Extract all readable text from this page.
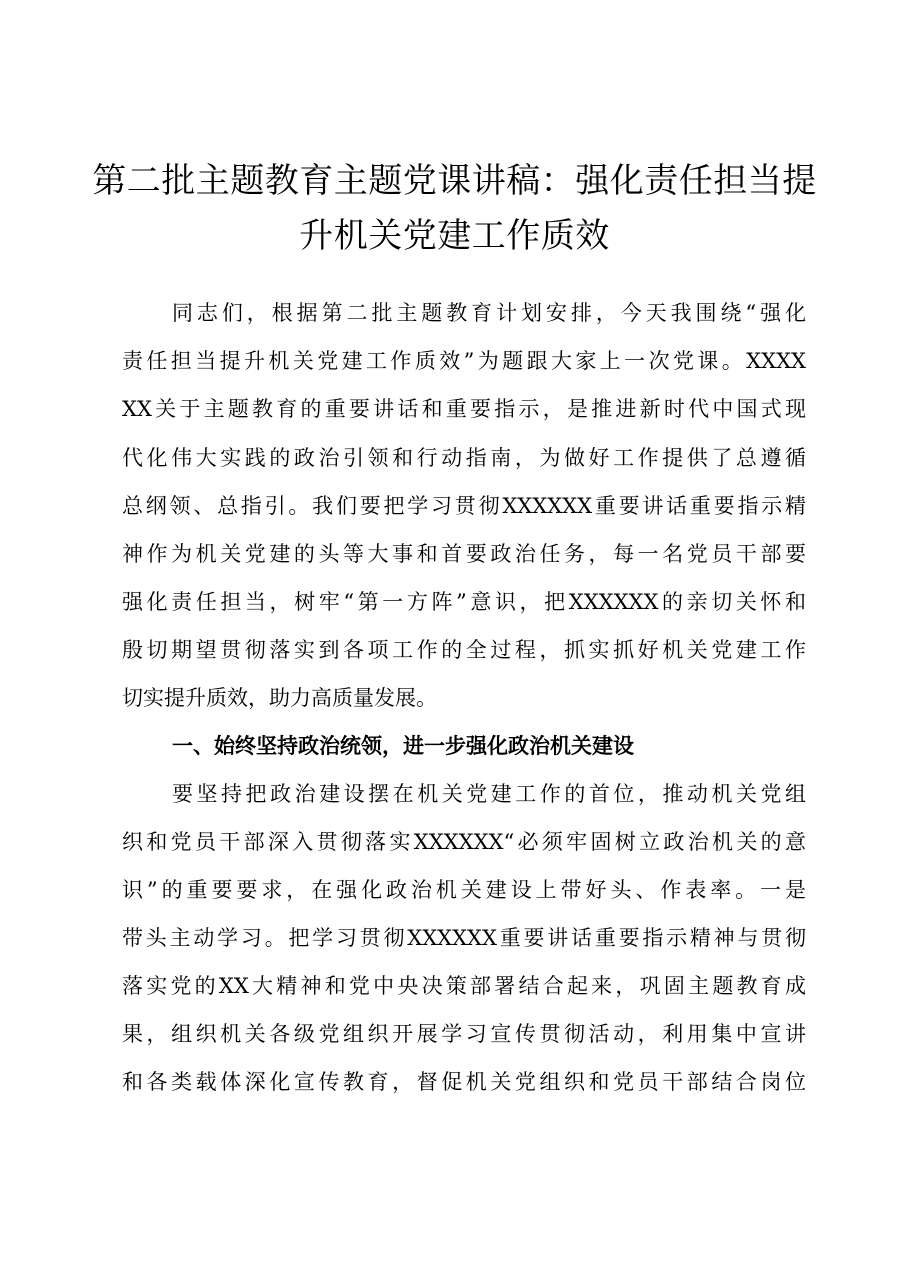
第二批主题教育主题党课讲稿：强化责任担当提
升机关党建工作质效
同志们，根据第二批主题教育计划安排，今天我围绕“强化
责任担当提升机关党建工作质效”为题跟大家上一次党课。XXXX
XX关于主题教育的重要讲话和重要指示，是推进新时代中国式现
代化伟大实践的政治引领和行动指南，为做好工作提供了总遵循
总纲领、总指引。我们要把学习贯彻XXXXXX重要讲话重要指示精
神作为机关党建的头等大事和首要政治任务，每一名党员干部要
强化责任担当，树牢“第一方阵”意识，把XXXXXX的亲切关怀和
殷切期望贯彻落实到各项工作的全过程，抓实抓好机关党建工作
切实提升质效，助力高质量发展。
一、始终坚持政治统领，进一步强化政治机关建设
要坚持把政治建设摆在机关党建工作的首位，推动机关党组
织和党员干部深入贯彻落实XXXXXX“必须牢固树立政治机关的意
识”的重要要求，在强化政治机关建设上带好头、作表率。一是
带头主动学习。把学习贯彻XXXXXX重要讲话重要指示精神与贯彻
落实党的XX大精神和党中央决策部署结合起来，巩固主题教育成
果，组织机关各级党组织开展学习宣传贯彻活动，利用集中宣讲
和各类载体深化宣传教育，督促机关党组织和党员干部结合岗位
